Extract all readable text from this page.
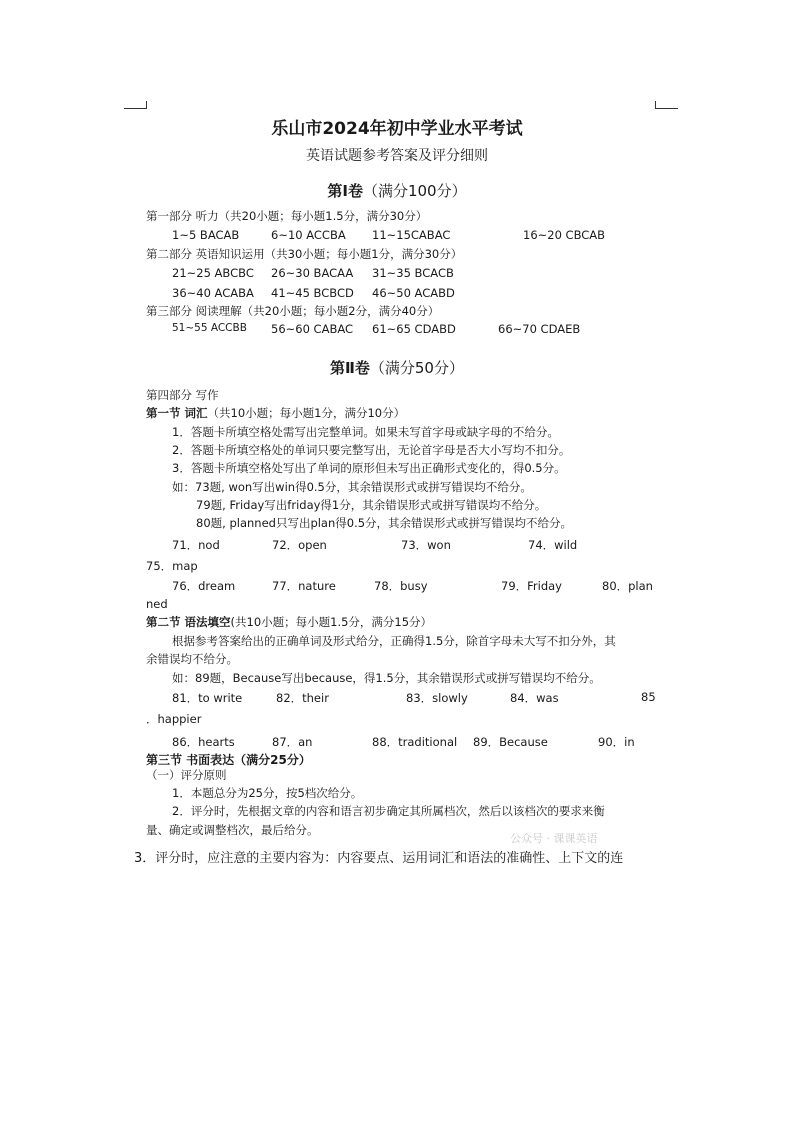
乐山市2024年初中学业水平考试
英语试题参考答案及评分细则
第Ⅰ卷（满分100分）
第一部分 听力（共20小题；每小题1.5分，满分30分）
1~5 BACAB	6~10 ACCBA 11~15CABAC	16~20 CBCAB
第二部分 英语知识运用（共30小题；每小题1分，满分30分）
21~25 ABCBC 26~30 BACAA 31~35 BCACB
36~40 ACABA 41~45 BCBCD 46~50 ACABD
第三部分 阅读理解（共20小题；每小题2分，满分40分）
51~55 ACCBB 56~60 CABAC 61~65 CDABD	66~70 CDAEB
第Ⅱ卷（满分50分）
第四部分 写作
第一节 词汇（共10小题；每小题1分，满分10分）
1．答题卡所填空格处需写出完整单词。如果未写首字母或缺字母的不给分。
2．答题卡所填空格处的单词只要完整写出，无论首字母是否大小写均不扣分。
3．答题卡所填空格处写出了单词的原形但未写出正确形式变化的，得0.5分。
如：73题, won写出win得0.5分，其余错误形式或拼写错误均不给分。
79题, Friday写出friday得1分，其余错误形式或拼写错误均不给分。
80题, planned只写出plan得0.5分，其余错误形式或拼写错误均不给分。
71．nod	72．open	73．won	74．wild
75．map
76．dream	77．nature	78．busy	79．Friday	80．plan
ned
第二节 语法填空(共10小题；每小题1.5分，满分15分）
根据参考答案给出的正确单词及形式给分，正确得1.5分，除首字母未大写不扣分外，其
余错误均不给分。
如：89题，Because写出because，得1.5分，其余错误形式或拼写错误均不给分。
81．to write	82．their	83．slowly	84．was	85
．happier
86．hearts	87．an	88．traditional 89．Because	90．in
第三节 书面表达（满分25分）
（一）评分原则
1．本题总分为25分，按5档次给分。
2．评分时，先根据文章的内容和语言初步确定其所属档次，然后以该档次的要求来衡
量、确定或调整档次，最后给分。
公众号 · 课课英语
3．评分时，应注意的主要内容为：内容要点、运用词汇和语法的准确性、上下文的连
